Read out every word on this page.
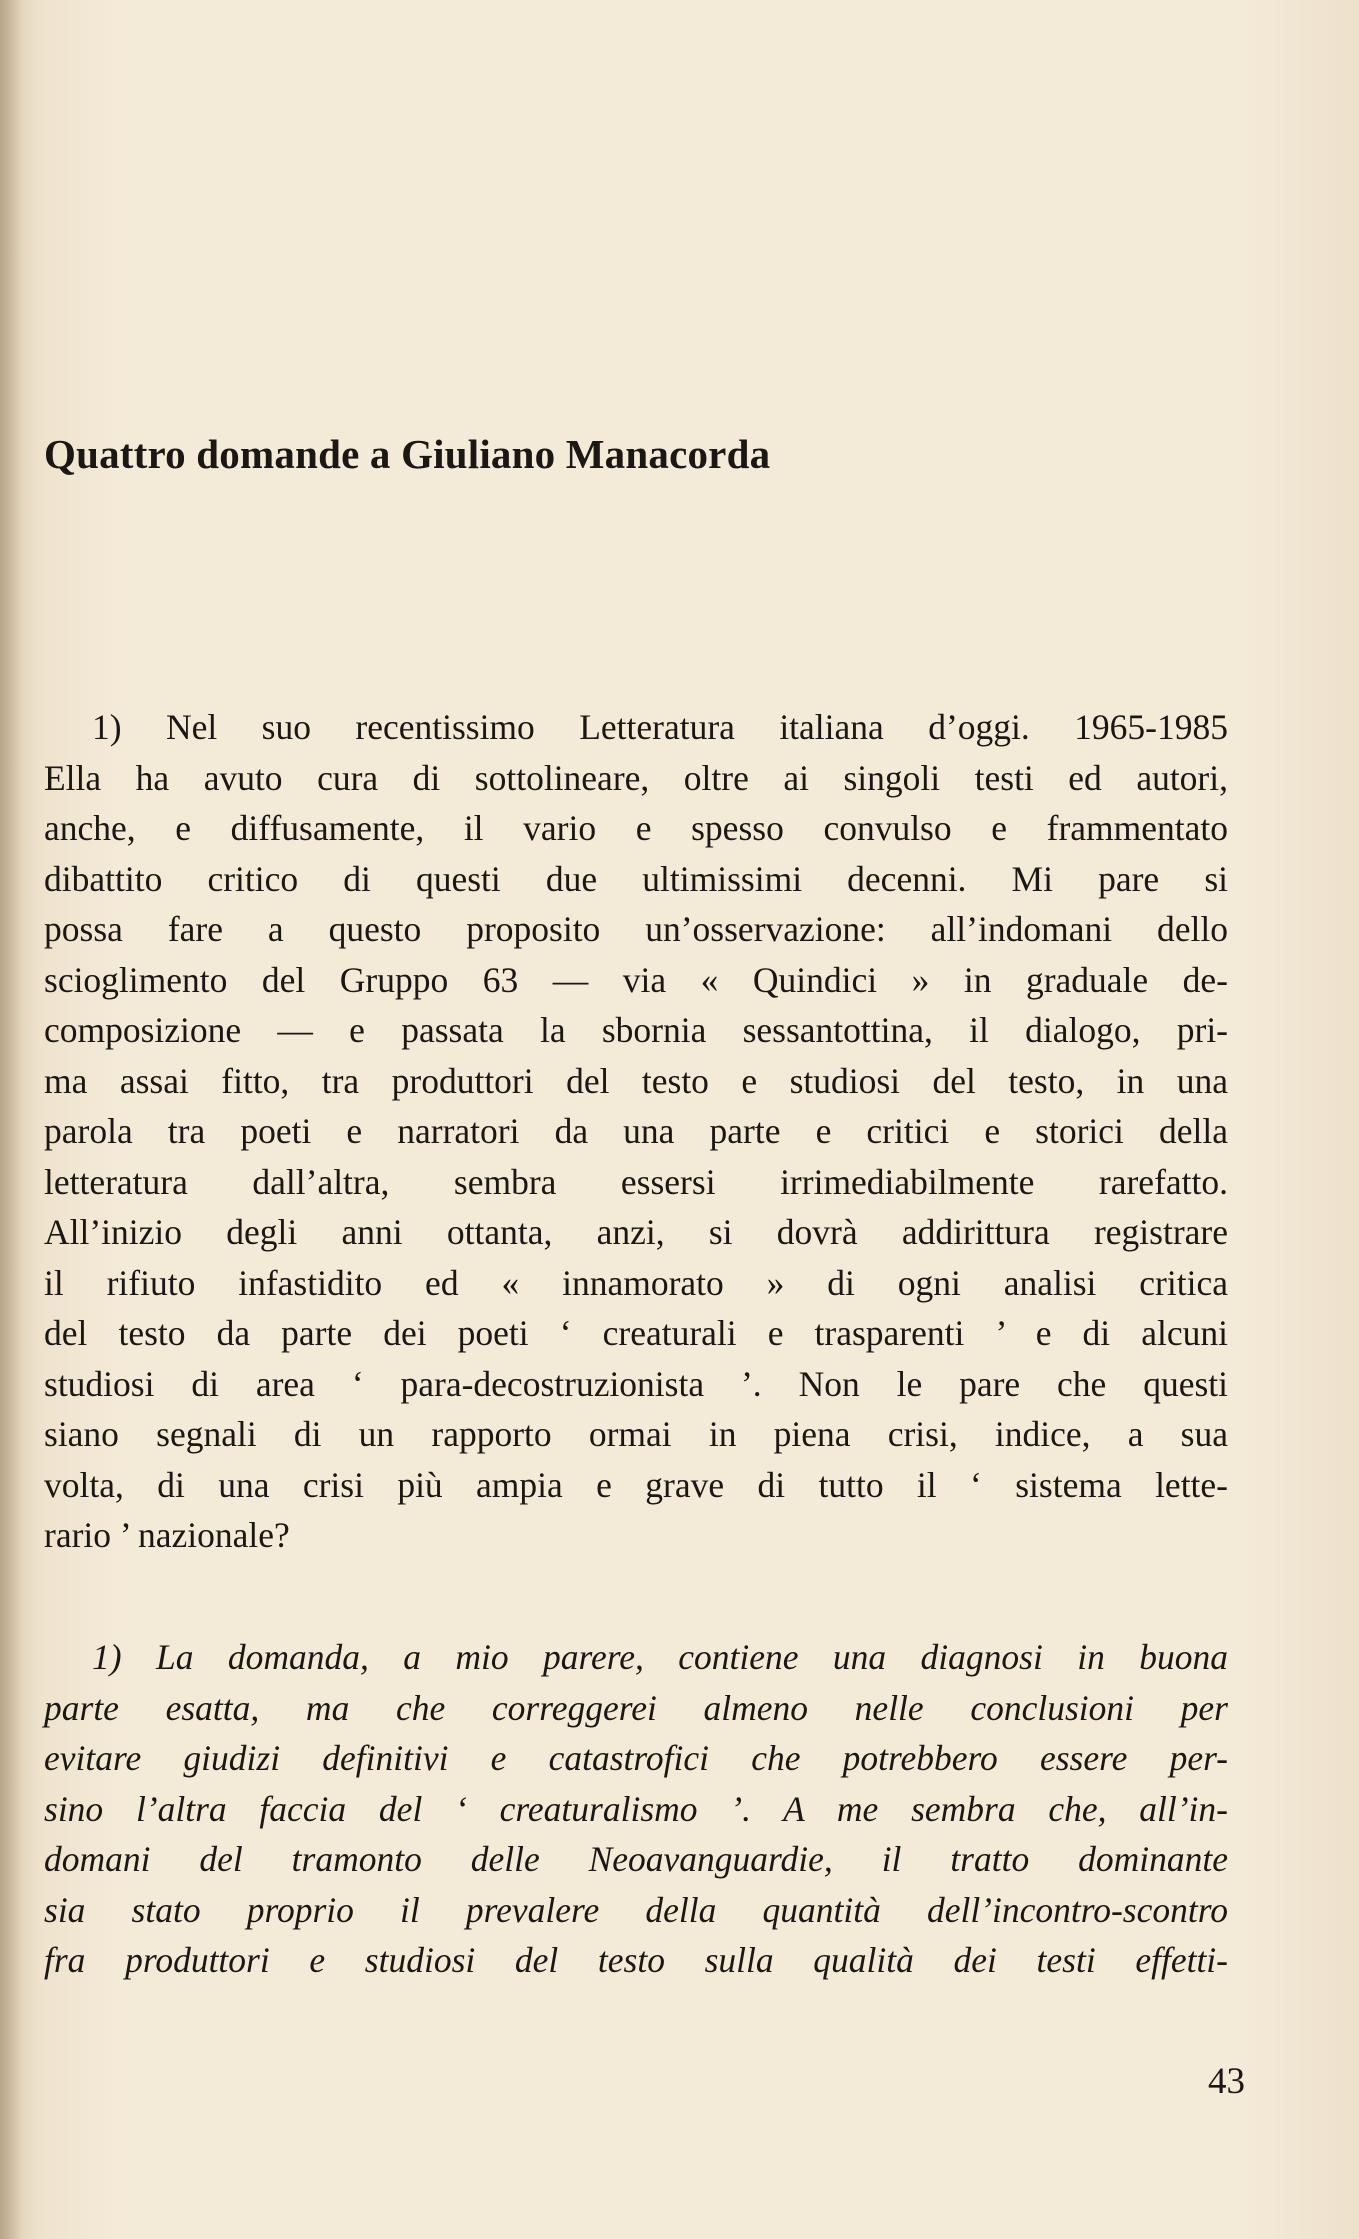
Quattro domande a Giuliano Manacorda
1) Nel suo recentissimo Letteratura italiana d’oggi. 1965-1985
Ella ha avuto cura di sottolineare, oltre ai singoli testi ed autori,
anche, e diffusamente, il vario e spesso convulso e frammentato
dibattito critico di questi due ultimissimi decenni. Mi pare si
possa fare a questo proposito un’osservazione: all’indomani dello
scioglimento del Gruppo 63 — via « Quindici » in graduale de-
composizione — e passata la sbornia sessantottina, il dialogo, pri-
ma assai fitto, tra produttori del testo e studiosi del testo, in una
parola tra poeti e narratori da una parte e critici e storici della
letteratura dall’altra, sembra essersi irrimediabilmente rarefatto.
All’inizio degli anni ottanta, anzi, si dovrà addirittura registrare
il rifiuto infastidito ed « innamorato » di ogni analisi critica
del testo da parte dei poeti ‘ creaturali e trasparenti ’ e di alcuni
studiosi di area ‘ para-decostruzionista ’. Non le pare che questi
siano segnali di un rapporto ormai in piena crisi, indice, a sua
volta, di una crisi più ampia e grave di tutto il ‘ sistema lette-
rario ’ nazionale?
1) La domanda, a mio parere, contiene una diagnosi in buona
parte esatta, ma che correggerei almeno nelle conclusioni per
evitare giudizi definitivi e catastrofici che potrebbero essere per-
sino l’altra faccia del ‘ creaturalismo ’. A me sembra che, all’in-
domani del tramonto delle Neoavanguardie, il tratto dominante
sia stato proprio il prevalere della quantità dell’incontro-scontro
fra produttori e studiosi del testo sulla qualità dei testi effetti-
43
